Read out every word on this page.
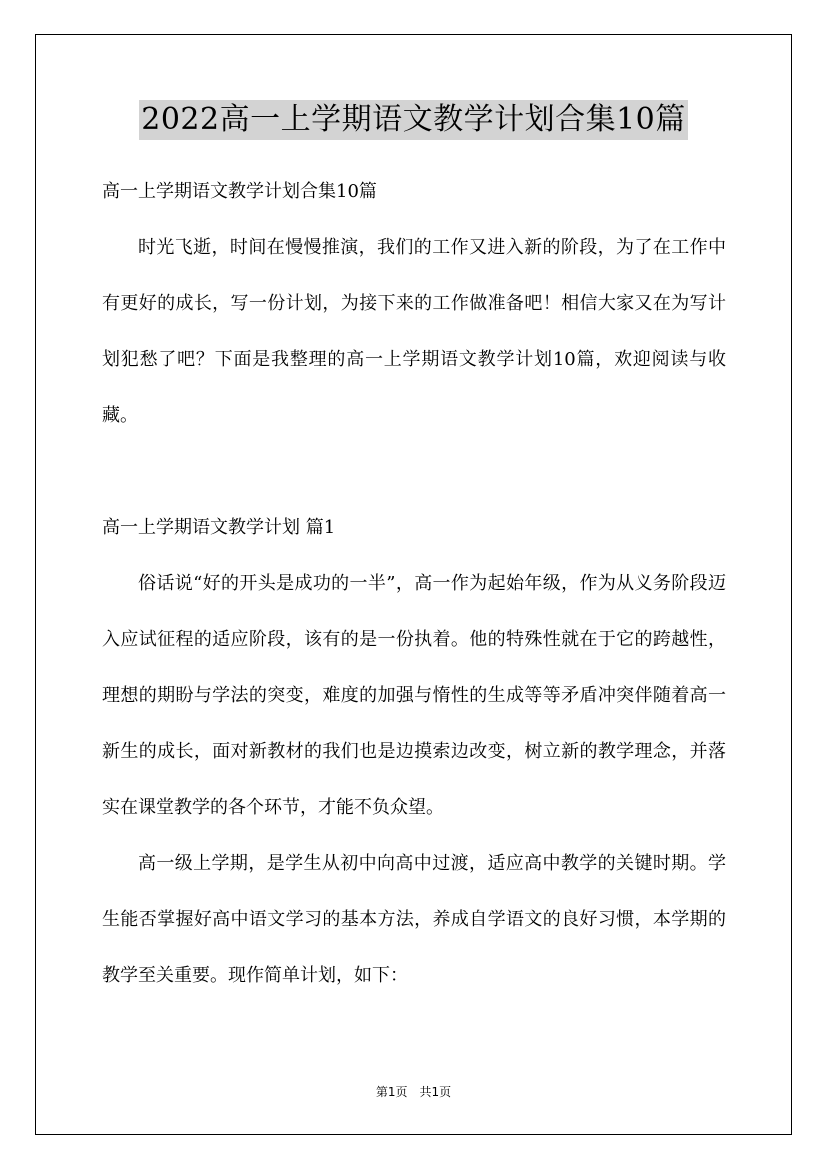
2022高一上学期语文教学计划合集10篇

高一上学期语文教学计划合集10篇

时光飞逝，时间在慢慢推演，我们的工作又进入新的阶段，为了在工作中有更好的成长，写一份计划，为接下来的工作做准备吧！相信大家又在为写计划犯愁了吧？下面是我整理的高一上学期语文教学计划10篇，欢迎阅读与收藏。

高一上学期语文教学计划 篇1

俗话说“好的开头是成功的一半”，高一作为起始年级，作为从义务阶段迈入应试征程的适应阶段，该有的是一份执着。他的特殊性就在于它的跨越性，理想的期盼与学法的突变，难度的加强与惰性的生成等等矛盾冲突伴随着高一新生的成长，面对新教材的我们也是边摸索边改变，树立新的教学理念，并落实在课堂教学的各个环节，才能不负众望。

高一级上学期，是学生从初中向高中过渡，适应高中教学的关键时期。学生能否掌握好高中语文学习的基本方法，养成自学语文的良好习惯，本学期的教学至关重要。现作简单计划，如下：

第1页　共1页
